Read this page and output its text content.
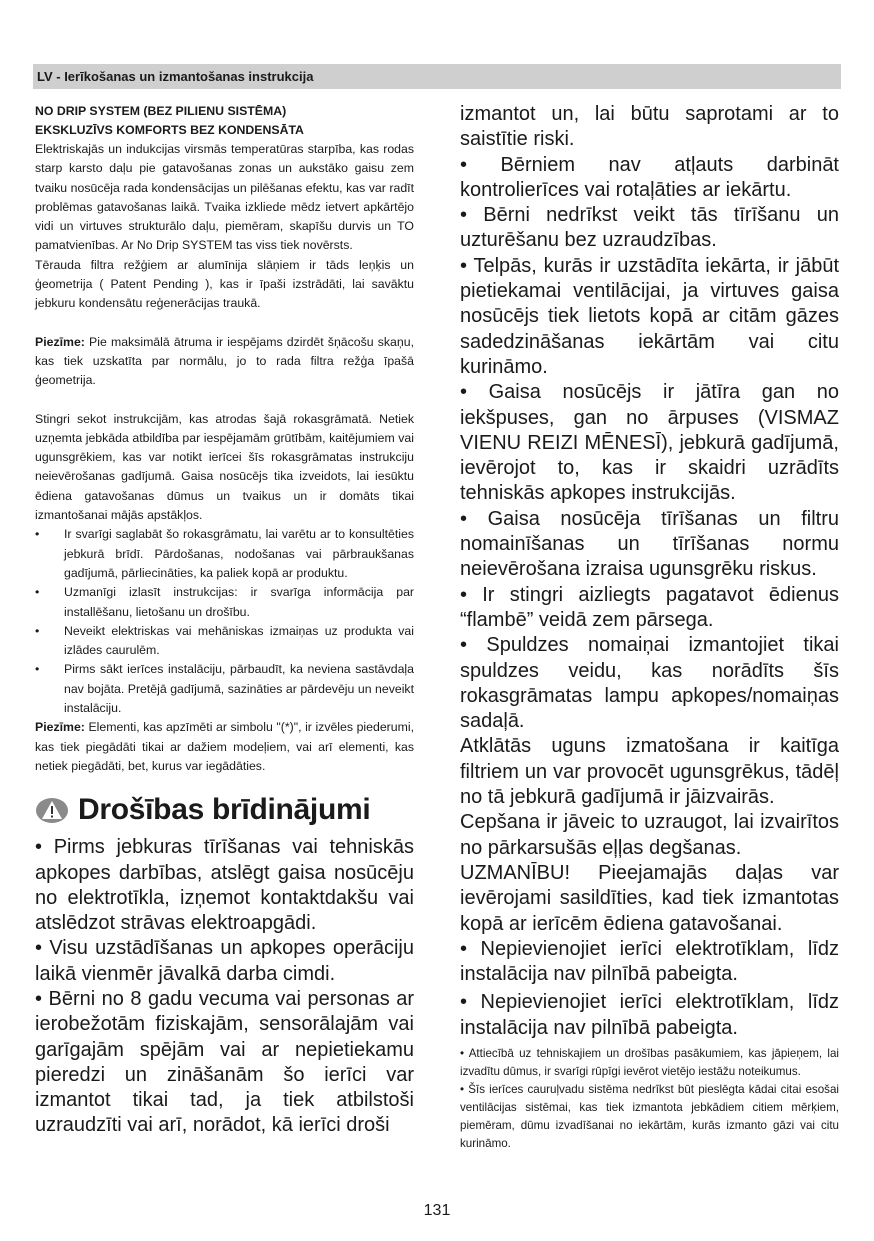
LV - Ierīkošanas un izmantošanas instrukcija

NO DRIP SYSTEM (BEZ PILIENU SISTĒMA)

EKSKLUZĪVS KOMFORTS BEZ KONDENSĀTA

Elektriskajās un indukcijas virsmās temperatūras starpība, kas rodas starp karsto daļu pie gatavošanas zonas un aukstāko gaisu zem tvaiku nosūcēja rada kondensācijas un pilēšanas efektu, kas var radīt problēmas gatavošanas laikā. Tvaika izkliede mēdz ietvert apkārtējo vidi un virtuves strukturālo daļu, piemēram, skapīšu durvis un TO pamatvienības. Ar No Drip SYSTEM tas viss tiek novērsts.

Tērauda filtra režģiem ar alumīnija slāņiem ir tāds leņķis un ģeometrija ( Patent Pending ), kas ir īpaši izstrādāti, lai savāktu jebkuru kondensātu reģenerācijas traukā.

Piezīme: Pie maksimālā ātruma ir iespējams dzirdēt šņācošu skaņu, kas tiek uzskatīta par normālu, jo to rada filtra režģa īpašā ģeometrija.

Stingri sekot instrukcijām, kas atrodas šajā rokasgrāmatā. Netiek uzņemta jebkāda atbildība par iespējamām grūtībām, kaitējumiem vai ugunsgrēkiem, kas var notikt ierīcei šīs rokasgrāmatas instrukciju neievērošanas gadījumā. Gaisa nosūcējs tika izveidots, lai iesūktu ēdiena gatavošanas dūmus un tvaikus un ir domāts tikai izmantošanai mājās apstākļos.

• Ir svarīgi saglabāt šo rokasgrāmatu, lai varētu ar to konsultēties jebkurā brīdī. Pārdošanas, nodošanas vai pārbraukšanas gadījumā, pārliecināties, ka paliek kopā ar produktu.

• Uzmanīgi izlasīt instrukcijas: ir svarīga informācija par installēšanu, lietošanu un drošību.

• Neveikt elektriskas vai mehāniskas izmaiņas uz produkta vai izlādes caurulēm.

• Pirms sākt ierīces instalāciju, pārbaudīt, ka neviena sastāvdaļa nav bojāta. Pretējā gadījumā, sazināties ar pārdevēju un neveikt instalāciju.

Piezīme: Elementi, kas apzīmēti ar simbolu "(*)", ir izvēles piederumi, kas tiek piegādāti tikai ar dažiem modeļiem, vai arī elementi, kas netiek piegādāti, bet, kurus var iegādāties.

Drošības brīdinājumi

• Pirms jebkuras tīrīšanas vai tehniskās apkopes darbības, atslēgt gaisa nosūcēju no elektrotīkla, izņemot kontaktdakšu vai atslēdzot strāvas elektroapgādi.

• Visu uzstādīšanas un apkopes operāciju laikā vienmēr jāvalkā darba cimdi.

• Bērni no 8 gadu vecuma vai personas ar ierobežotām fiziskajām, sensorālajām vai garīgajām spējām vai ar nepietiekamu pieredzi un zināšanām šo ierīci var izmantot tikai tad, ja tiek atbilstoši uzraudzīti vai arī, norādot, kā ierīci droši

izmantot un, lai būtu saprotami ar to saistītie riski.

• Bērniem nav atļauts darbināt kontrolierīces vai rotaļāties ar iekārtu.

• Bērni nedrīkst veikt tās tīrīšanu un uzturēšanu bez uzraudzības.

• Telpās, kurās ir uzstādīta iekārta, ir jābūt pietiekamai ventilācijai, ja virtuves gaisa nosūcējs tiek lietots kopā ar citām gāzes sadedzināšanas iekārtām vai citu kurināmo.

• Gaisa nosūcējs ir jātīra gan no iekšpuses, gan no ārpuses (VISMAZ VIENU REIZI MĒNESĪ), jebkurā gadījumā, ievērojot to, kas ir skaidri uzrādīts tehniskās apkopes instrukcijās.

• Gaisa nosūcēja tīrīšanas un filtru nomainīšanas un tīrīšanas normu neievērošana izraisa ugunsgrēku riskus.

• Ir stingri aizliegts pagatavot ēdienus “flambē” veidā zem pārsega.

• Spuldzes nomaiņai izmantojiet tikai spuldzes veidu, kas norādīts šīs rokasgrāmatas lampu apkopes/nomaiņas sadaļā.

Atklātās uguns izmatošana ir kaitīga filtriem un var provocēt ugunsgrēkus, tādēļ no tā jebkurā gadījumā ir jāizvairās.

Cepšana ir jāveic to uzraugot, lai izvairītos no pārkarsušās eļļas degšanas.

UZMANĪBU! Pieejamajās daļas var ievērojami sasildīties, kad tiek izmantotas kopā ar ierīcēm ēdiena gatavošanai.

• Nepievienojiet ierīci elektrotīklam, līdz instalācija nav pilnībā pabeigta.

• Nepievienojiet ierīci elektrotīklam, līdz instalācija nav pilnībā pabeigta.

• Attiecībā uz tehniskajiem un drošības pasākumiem, kas jāpieņem, lai izvadītu dūmus, ir svarīgi rūpīgi ievērot vietējo iestāžu noteikumus.

• Šīs ierīces cauruļvadu sistēma nedrīkst būt pieslēgta kādai citai esošai ventilācijas sistēmai, kas tiek izmantota jebkādiem citiem mērķiem, piemēram, dūmu izvadīšanai no iekārtām, kurās izmanto gāzi vai citu kurināmo.

131
